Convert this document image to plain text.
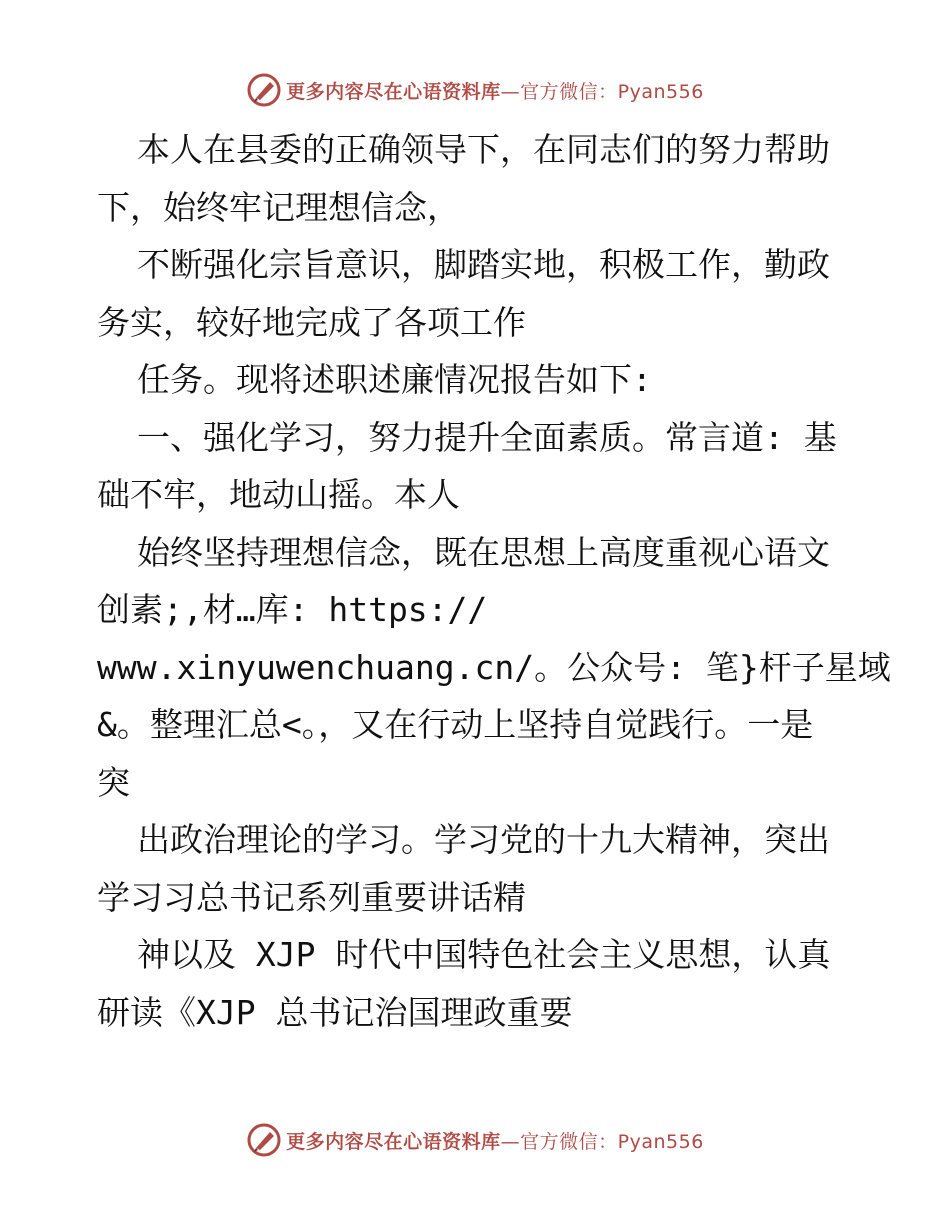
更多内容尽在心语资料库 —官方微信：Pyan556
本人在县委的正确领导下，在同志们的努力帮助
下，始终牢记理想信念，
不断强化宗旨意识，脚踏实地，积极工作，勤政
务实，较好地完成了各项工作
任务。现将述职述廉情况报告如下:
一、强化学习，努力提升全面素质。常言道: 基
础不牢，地动山摇。本人
始终坚持理想信念，既在思想上高度重视心语文
创素;,材…库: https://
www.xinyuwenchuang.cn/。公众号: 笔}杆子星域
&。整理汇总<。，又在行动上坚持自觉践行。一是
突
出政治理论的学习。学习党的十九大精神，突出
学习习总书记系列重要讲话精
神以及 XJP 时代中国特色社会主义思想，认真
研读《XJP 总书记治国理政重要
更多内容尽在心语资料库 —官方微信：Pyan556
